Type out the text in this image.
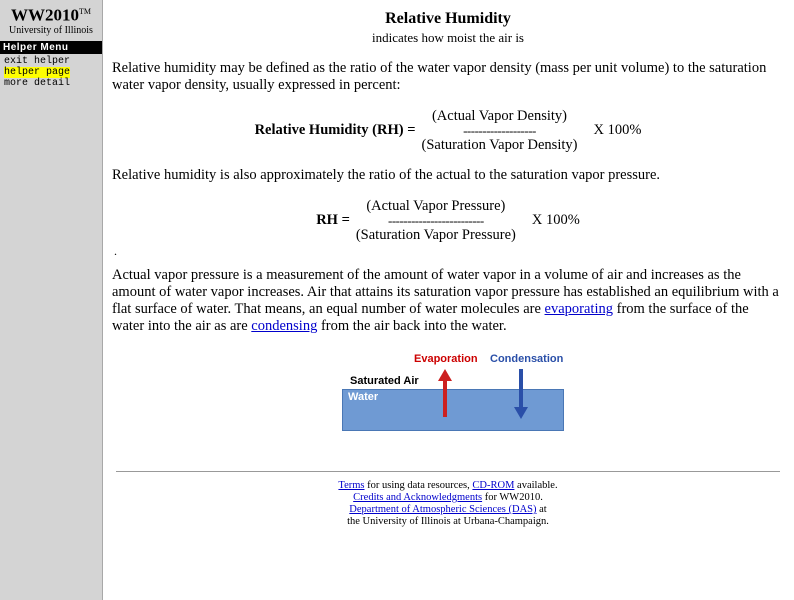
WW2010™
University of Illinois
Helper Menu
exit helper
helper page
more detail
Relative Humidity
indicates how moist the air is

Relative humidity may be defined as the ratio of the water vapor density (mass per unit volume) to the saturation water vapor density, usually expressed in percent:

Relative Humidity (RH) =
(Actual Vapor Density)
-------------------
(Saturation Vapor Density)
X 100%

Relative humidity is also approximately the ratio of the actual to the saturation vapor pressure.

RH =
(Actual Vapor Pressure)
-------------------------
(Saturation Vapor Pressure)
X 100%
.

Actual vapor pressure is a measurement of the amount of water vapor in a volume of air and increases as the amount of water vapor increases. Air that attains its saturation vapor pressure has established an equilibrium with a flat surface of water. That means, an equal number of water molecules are evaporating from the surface of the water into the air as are condensing from the air back into the water.

Evaporation Condensation
Saturated Air
Water
Terms for using data resources, CD-ROM available.
Credits and Acknowledgments for WW2010.
Department of Atmospheric Sciences (DAS) at
the University of Illinois at Urbana-Champaign.
